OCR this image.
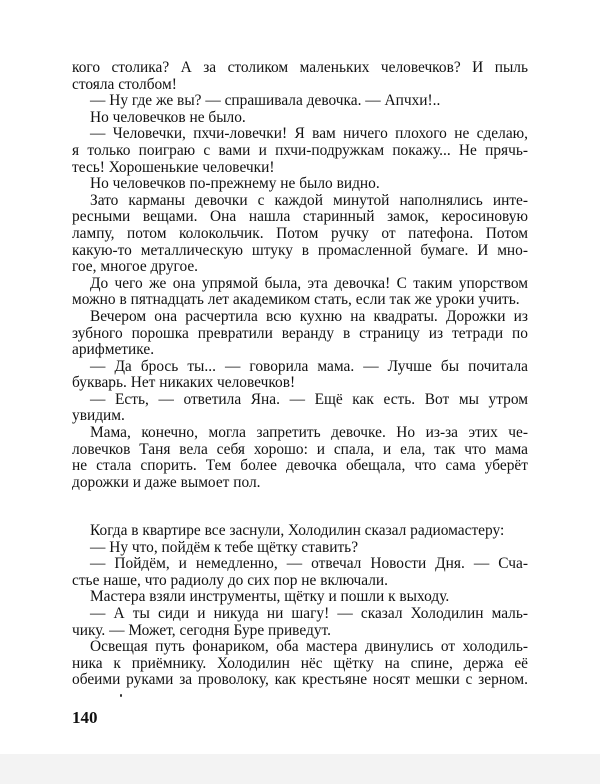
кого столика? А за столиком маленьких человечков? И пыль
стояла столбом!
— Ну где же вы? — спрашивала девочка. — Апчхи!..
Но человечков не было.
— Человечки, пхчи-ловечки! Я вам ничего плохого не сделаю,
я только поиграю с вами и пхчи-подружкам покажу... Не прячь-
тесь! Хорошенькие человечки!
Но человечков по-прежнему не было видно.
Зато карманы девочки с каждой минутой наполнялись инте-
ресными вещами. Она нашла старинный замок, керосиновую
лампу, потом колокольчик. Потом ручку от патефона. Потом
какую-то металлическую штуку в промасленной бумаге. И мно-
гое, многое другое.
До чего же она упрямой была, эта девочка! С таким упорством
можно в пятнадцать лет академиком стать, если так же уроки учить.
Вечером она расчертила всю кухню на квадраты. Дорожки из
зубного порошка превратили веранду в страницу из тетради по
арифметике.
— Да брось ты... — говорила мама. — Лучше бы почитала
букварь. Нет никаких человечков!
— Есть, — ответила Яна. — Ещё как есть. Вот мы утром
увидим.
Мама, конечно, могла запретить девочке. Но из-за этих че-
ловечков Таня вела себя хорошо: и спала, и ела, так что мама
не стала спорить. Тем более девочка обещала, что сама уберёт
дорожки и даже вымоет пол.
Когда в квартире все заснули, Холодилин сказал радиомастеру:
— Ну что, пойдём к тебе щётку ставить?
— Пойдём, и немедленно, — отвечал Новости Дня. — Сча-
стье наше, что радиолу до сих пор не включали.
Мастера взяли инструменты, щётку и пошли к выходу.
— А ты сиди и никуда ни шагу! — сказал Холодилин маль-
чику. — Может, сегодня Буре приведут.
Освещая путь фонариком, оба мастера двинулись от холодиль-
ника к приёмнику. Холодилин нёс щётку на спине, держа её
обеими руками за проволоку, как крестьяне носят мешки с зерном.
140
